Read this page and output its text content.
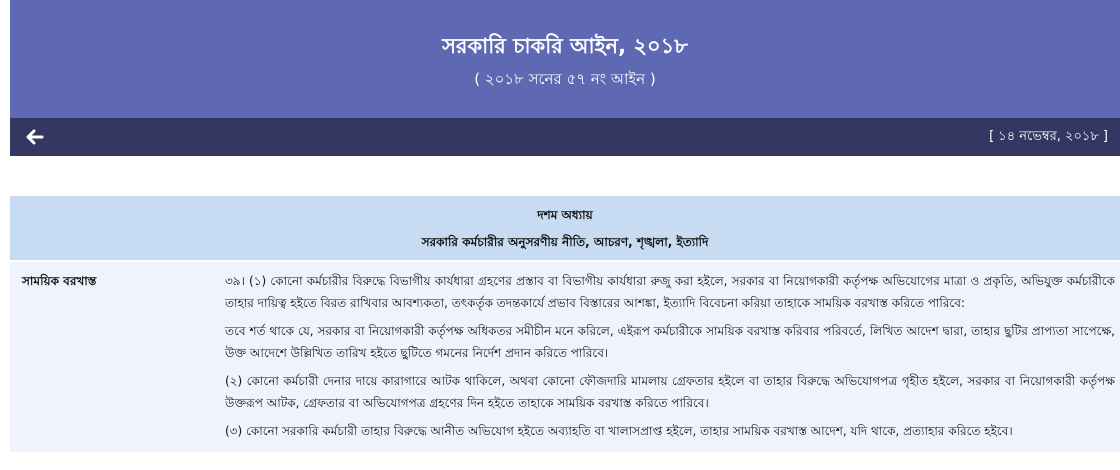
সরকারি চাকরি আইন, ২০১৮
( ২০১৮ সনের ৫৭ নং আইন )
[ ১৪ নভেম্বর, ২০১৮ ]
দশম অধ্যায়
সরকারি কর্মচারীর অনুসরণীয় নীতি, আচরণ, শৃঙ্খলা, ইত্যাদি
সাময়িক বরখাস্ত	৩৯। (১) কোনো কর্মচারীর বিরুদ্ধে বিভাগীয় কার্যধারা গ্রহণের প্রস্তাব বা বিভাগীয় কার্যধারা রুজু করা হইলে, সরকার বা নিয়োগকারী কর্তৃপক্ষ অভিযোগের মাত্রা ও প্রকৃতি, অভিযুক্ত কর্মচারীকে তাহার দায়িত্ব হইতে বিরত রাখিবার আবশ্যকতা, তৎকর্তৃক তদন্তকার্যে প্রভাব বিস্তারের আশঙ্কা, ইত্যাদি বিবেচনা করিয়া তাহাকে সাময়িক বরখাস্ত করিতে পারিবে:

তবে শর্ত থাকে যে, সরকার বা নিয়োগকারী কর্তৃপক্ষ অধিকতর সমীচীন মনে করিলে, এইরূপ কর্মচারীকে সাময়িক বরখাস্ত করিবার পরিবর্তে, লিখিত আদেশ দ্বারা, তাহার ছুটির প্রাপ্যতা সাপেক্ষে, উক্ত আদেশে উল্লিখিত তারিখ হইতে ছুটিতে গমনের নির্দেশ প্রদান করিতে পারিবে।

(২) কোনো কর্মচারী দেনার দায়ে কারাগারে আটক থাকিলে, অথবা কোনো ফৌজদারি মামলায় গ্রেফতার হইলে বা তাহার বিরুদ্ধে অভিযোগপত্র গৃহীত হইলে, সরকার বা নিয়োগকারী কর্তৃপক্ষ উক্তরূপ আটক, গ্রেফতার বা অভিযোগপত্র গ্রহণের দিন হইতে তাহাকে সাময়িক বরখাস্ত করিতে পারিবে।

(৩) কোনো সরকারি কর্মচারী তাহার বিরুদ্ধে আনীত অভিযোগ হইতে অব্যাহতি বা খালাসপ্রাপ্ত হইলে, তাহার সাময়িক বরখাস্ত আদেশ, যদি থাকে, প্রত্যাহার করিতে হইবে।
